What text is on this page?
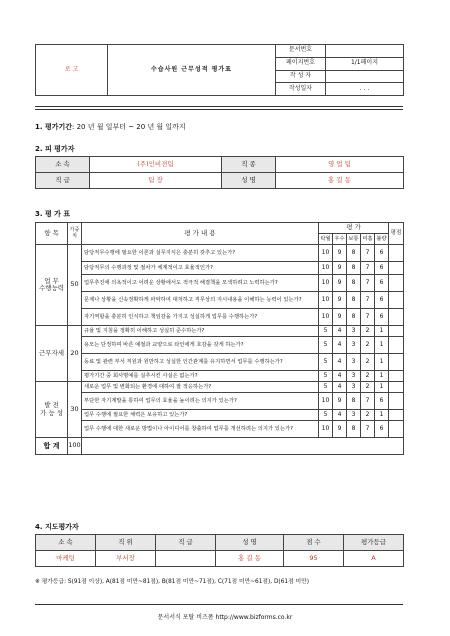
로 고	수습사원 근무성적 평가표	문서번호	
		페이지번호	1/1페이지
		작 성 자	
		작성일자	. . .
1. 평가기간: 20 년 월 일부터 ~ 20 년 월 일까지
2. 피 평가자
소 속	(주)인비젼팀	직 종	영 업 팀
직 급	팀 장	성 명	홍 길 동
3. 평 가 표
항 목	가중치	평 가 내 용	평 가					평점
			탁월	우수	보통	미흡	불량	
업 무
수행능력	50	담당직무수행에 필요한 이론과 실무지식은 충분히 갖추고 있는가?	10	9	8	7	6	
		담당직무의 수행과정 및 절차가 체계적이고 효율적인가?	10	9	8	7	6	
		업무추진에 의욕적이고 어려운 상황에서도 적극적 해결책을 모색하려고 노력하는가?	10	9	8	7	6	
		문제나 상황을 신속정확하게 파악하여 대처하고 직무상의 지시내용을 이해하는 능력이 있는가?	10	9	8	7	6	
		자기역할을 충분히 인식하고 책임감을 가지고 성실하게 업무를 수행하는가?	10	9	8	7	6	
근무자세	20	규율 및 지침을 정확히 이해하고 성실히 준수하는가?	5	4	3	2	1	
		용모는 단정하며 바른 예절과 교양으로 타인에게 호감을 갖게 하는가?	5	4	3	2	1	
		동료 및 관련 부서 직원과 원만하고 성실한 인간관계를 유지하면서 업무를 수행하는가?	5	4	3	2	1	
		평가기간 중 회사명예를 실추시킨 사실은 없는가?	5	4	3	2	1	
발 전
가 능 성	30	새로운 업무 및 변화되는 환경에 대하여 잘 적응하는가?	5	4	3	2	1	
		부단한 자기계발을 통하여 업무의 효율을 높이려는 의지가 있는가?	10	9	8	7	6	
		업무 수행에 필요한 체력은 보유하고 있는가?	5	4	3	2	1	
		업무 수행에 대한 새로운 방법이나 아이디어를 창출하여 업무를 개선하려는 의지가 있는가?	10	9	8	7	6	
합 계	100							
4. 지도평가자
소 속	직 위	직 급	성 명	점 수	평가등급
마케팅	부서장		홍 길 동	95	A
※ 평가등급: S(91점 이상), A(81점 미만~81점), B(81점 미만~71점), C(71점 미만~61점), D(61점 미만)
문서서식 포탈 비즈폼 http://www.bizforms.co.kr
